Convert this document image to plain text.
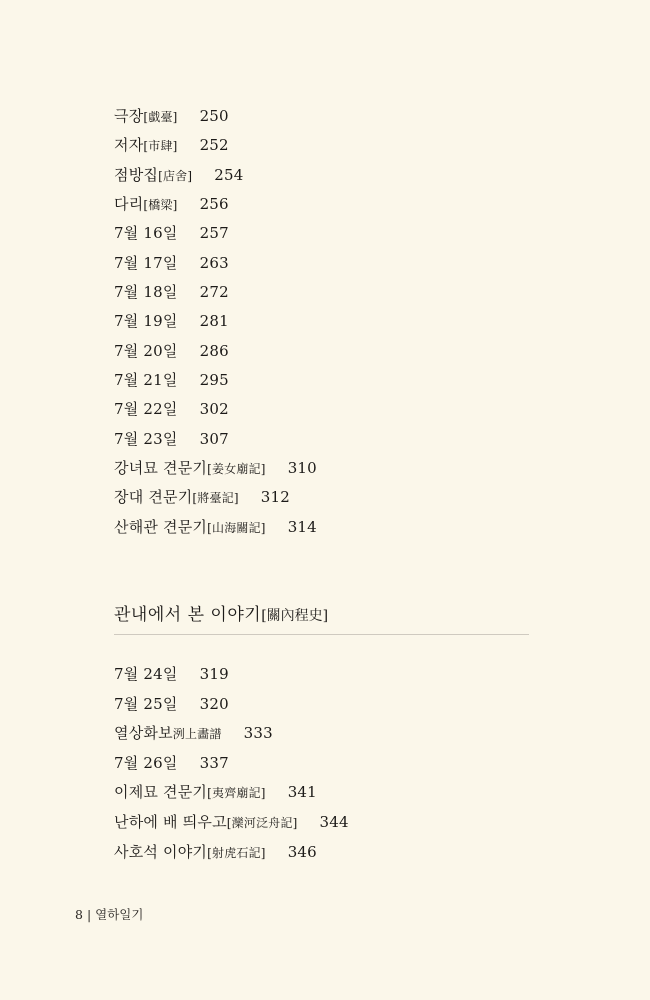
극장[戱臺] 250
저자[市肆] 252
점방집[店舍] 254
다리[橋梁] 256
7월 16일 257
7월 17일 263
7월 18일 272
7월 19일 281
7월 20일 286
7월 21일 295
7월 22일 302
7월 23일 307
강녀묘 견문기[姜女廟記] 310
장대 견문기[將臺記] 312
산해관 견문기[山海關記] 314
관내에서 본 이야기[關內程史]
7월 24일 319
7월 25일 320
열상화보洌上畵譜 333
7월 26일 337
이제묘 견문기[夷齊廟記] 341
난하에 배 띄우고[灤河泛舟記] 344
사호석 이야기[射虎石記] 346
8 | 열하일기
